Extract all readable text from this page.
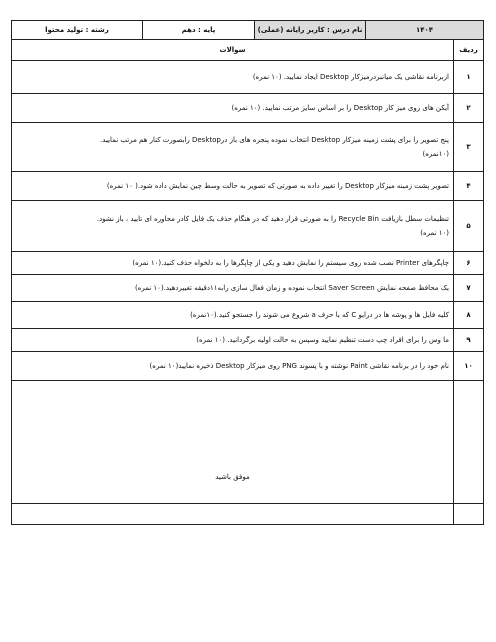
۱۴۰۴		نام درس : کاربر رایانه (عملی)	پایه : دهم	رشته : تولید محتوا
ردیف	سوالات			
۱	ازبرنامه نقاشی یک میانبردرمیزکار Desktop ایجاد نمایید. (۱۰ نمره)			
۲	آیکن های روی میز کار Desktop را بر اساس سایز مرتب نمایید. (۱۰ نمره)			
۳	پنج تصویر را برای پشت زمینه میزکار Desktop انتخاب نموده پنجره های باز درDesktop رابصورت کنار هم مرتب نمایید.
(۱۰نمره)			

۴	تصویر پشت زمینه میزکار Desktop را تغییر داده به صورتی که تصویر به حالت وسط چین نمایش داده شود.( ۱۰ نمره)			
۵	تنظیمات سطل بازیافت Recycle Bin را به صورتی قرار دهید که در هنگام حذف یک فایل کادر محاوره ای تایید ، باز نشود.
(۱۰ نمره)			

۶	چاپگرهای Printer نصب شده روی سیستم را نمایش دهید و یکی از چاپگرها را به دلخواه حذف کنید.(۱۰ نمره)			
۷	یک محافظ صفحه نمایش Saver Screen انتخاب نموده و زمان فعال سازی رابه۱۱دقیقه تغییردهید.(۱۰ نمره)			
۸	کلیه فایل ها و پوشه ها در درایو C که با حرف a شروع می شوند را جستجو کنید.(۱۰نمره)			
۹	ما وس را برای افراد چپ دست تنظیم نمایید وسپس به حالت اولیه برگردانید. (۱۰ نمره)			
۱۰	نام خود را در برنامه نقاشی Paint نوشته و با پسوند PNG روی میزکار Desktop ذخیره نمایید(۱۰ نمره)			
	موفق باشید			
